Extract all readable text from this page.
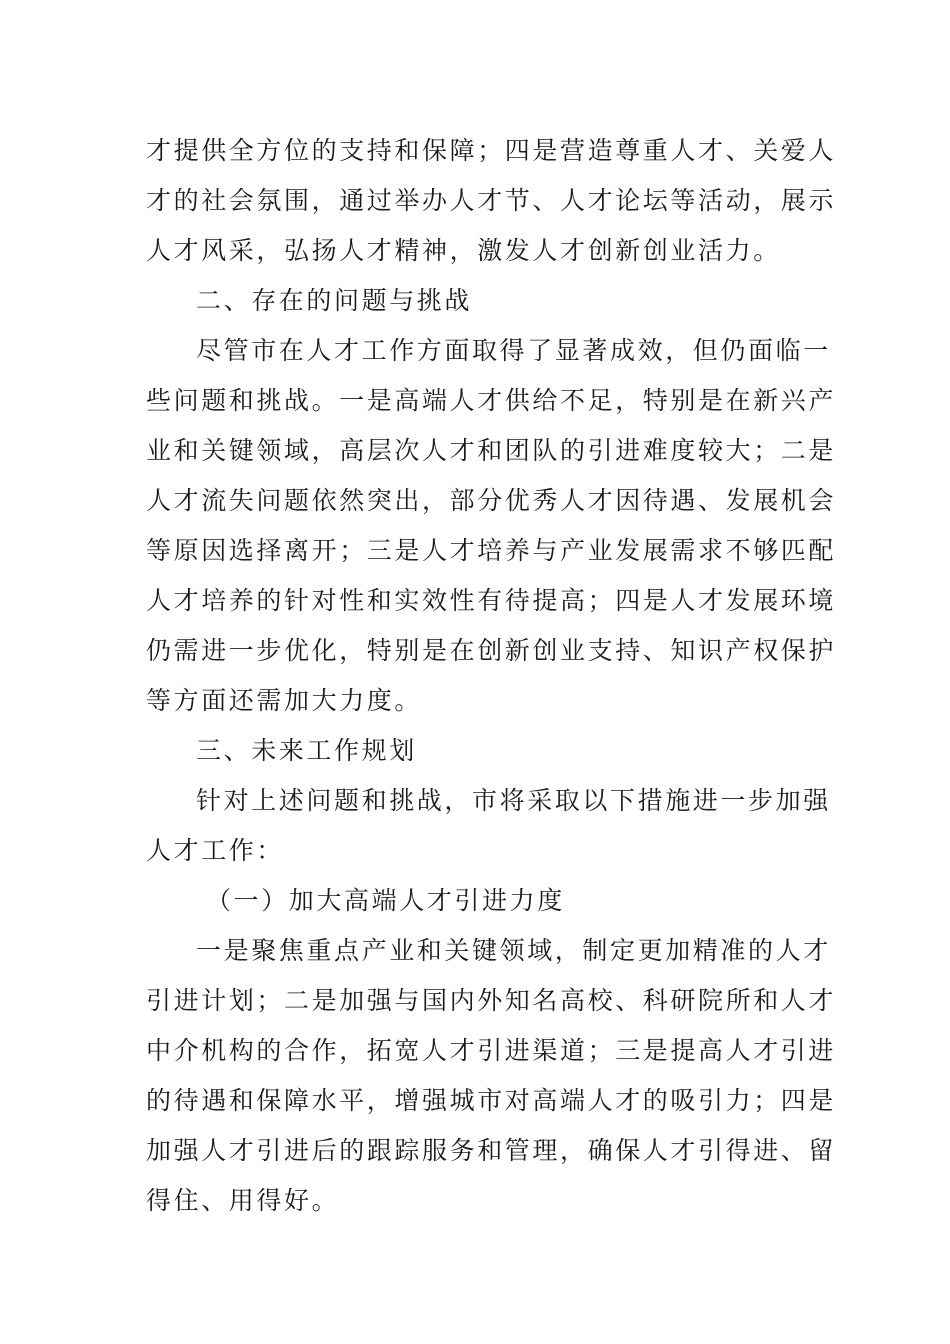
才提供全方位的支持和保障；四是营造尊重人才、关爱人
才的社会氛围，通过举办人才节、人才论坛等活动，展示
人才风采，弘扬人才精神，激发人才创新创业活力。
二、存在的问题与挑战
尽管市在人才工作方面取得了显著成效，但仍面临一
些问题和挑战。一是高端人才供给不足，特别是在新兴产
业和关键领域，高层次人才和团队的引进难度较大；二是
人才流失问题依然突出，部分优秀人才因待遇、发展机会
等原因选择离开；三是人才培养与产业发展需求不够匹配
人才培养的针对性和实效性有待提高；四是人才发展环境
仍需进一步优化，特别是在创新创业支持、知识产权保护
等方面还需加大力度。
三、未来工作规划
针对上述问题和挑战，市将采取以下措施进一步加强
人才工作：
（一）加大高端人才引进力度
一是聚焦重点产业和关键领域，制定更加精准的人才
引进计划；二是加强与国内外知名高校、科研院所和人才
中介机构的合作，拓宽人才引进渠道；三是提高人才引进
的待遇和保障水平，增强城市对高端人才的吸引力；四是
加强人才引进后的跟踪服务和管理，确保人才引得进、留
得住、用得好。
